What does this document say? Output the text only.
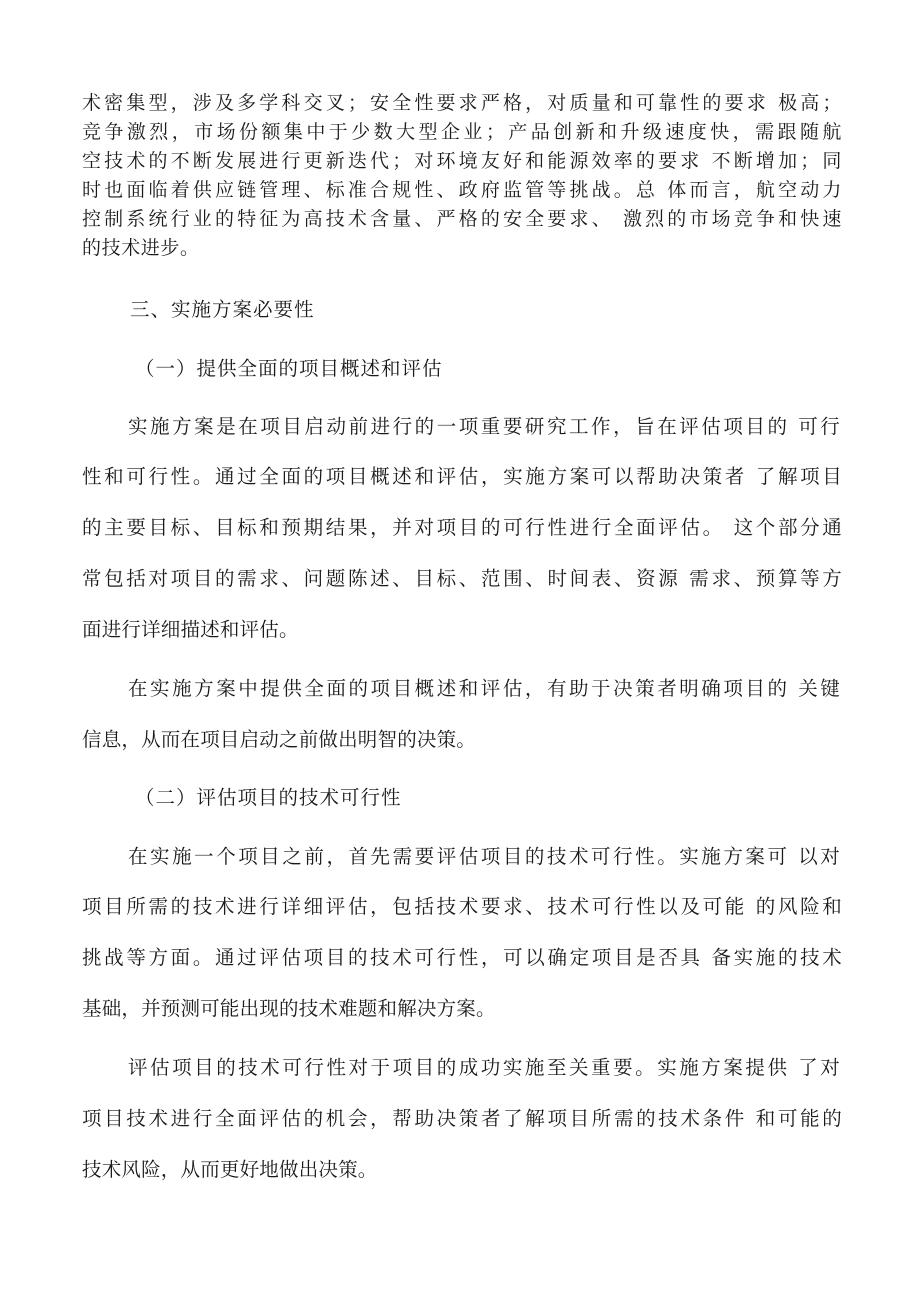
术密集型，涉及多学科交叉；安全性要求严格，对质量和可靠性的要求 极高；
竞争激烈，市场份额集中于少数大型企业；产品创新和升级速度快，需跟随航
空技术的不断发展进行更新迭代；对环境友好和能源效率的要求 不断增加；同
时也面临着供应链管理、标准合规性、政府监管等挑战。总 体而言，航空动力
控制系统行业的特征为高技术含量、严格的安全要求、 激烈的市场竞争和快速
的技术进步。
三、实施方案必要性
（一）提供全面的项目概述和评估
实施方案是在项目启动前进行的一项重要研究工作，旨在评估项目的 可行
性和可行性。通过全面的项目概述和评估，实施方案可以帮助决策者 了解项目
的主要目标、目标和预期结果，并对项目的可行性进行全面评估。 这个部分通
常包括对项目的需求、问题陈述、目标、范围、时间表、资源 需求、预算等方
面进行详细描述和评估。
在实施方案中提供全面的项目概述和评估，有助于决策者明确项目的 关键
信息，从而在项目启动之前做出明智的决策。
（二）评估项目的技术可行性
在实施一个项目之前，首先需要评估项目的技术可行性。实施方案可 以对
项目所需的技术进行详细评估，包括技术要求、技术可行性以及可能 的风险和
挑战等方面。通过评估项目的技术可行性，可以确定项目是否具 备实施的技术
基础，并预测可能出现的技术难题和解决方案。
评估项目的技术可行性对于项目的成功实施至关重要。实施方案提供 了对
项目技术进行全面评估的机会，帮助决策者了解项目所需的技术条件 和可能的
技术风险，从而更好地做出决策。
